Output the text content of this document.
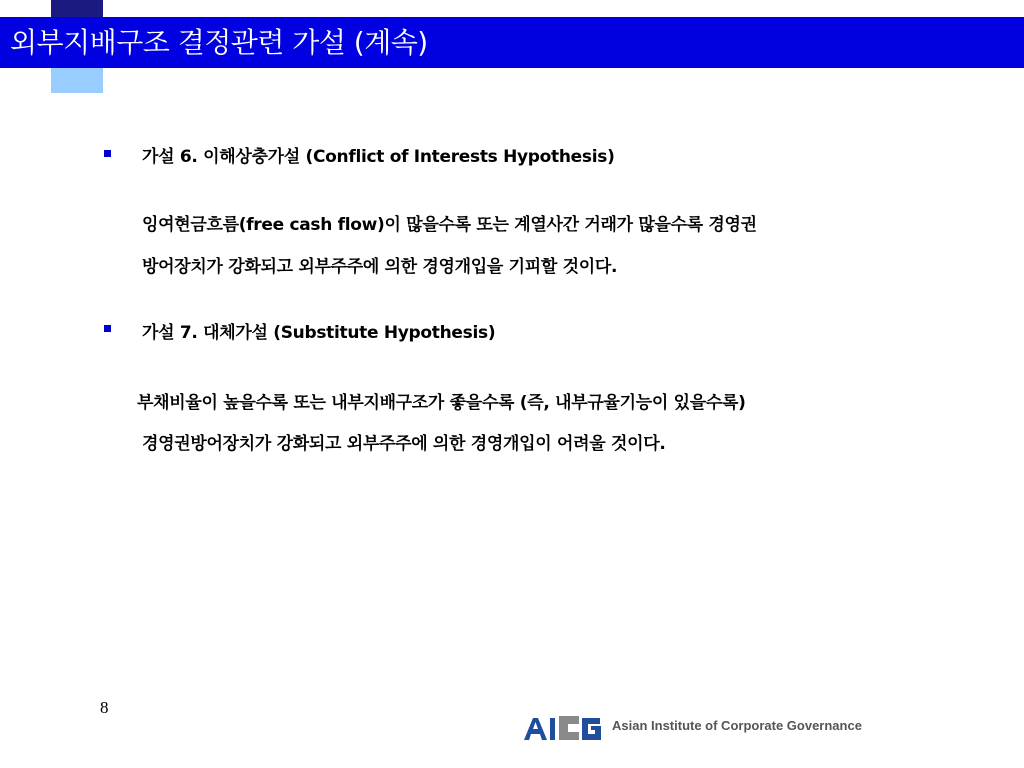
외부지배구조 결정관련 가설 (계속)
가설 6. 이해상충가설 (Conflict of Interests Hypothesis)
잉여현금흐름(free cash flow)이 많을수록 또는 계열사간 거래가 많을수록 경영권
방어장치가 강화되고 외부주주에 의한 경영개입을 기피할 것이다.
가설 7. 대체가설 (Substitute Hypothesis)
부채비율이 높을수록 또는 내부지배구조가 좋을수록 (즉, 내부규율기능이 있을수록)
경영권방어장치가 강화되고 외부주주에 의한 경영개입이 어려울 것이다.
8
Asian Institute of Corporate Governance
